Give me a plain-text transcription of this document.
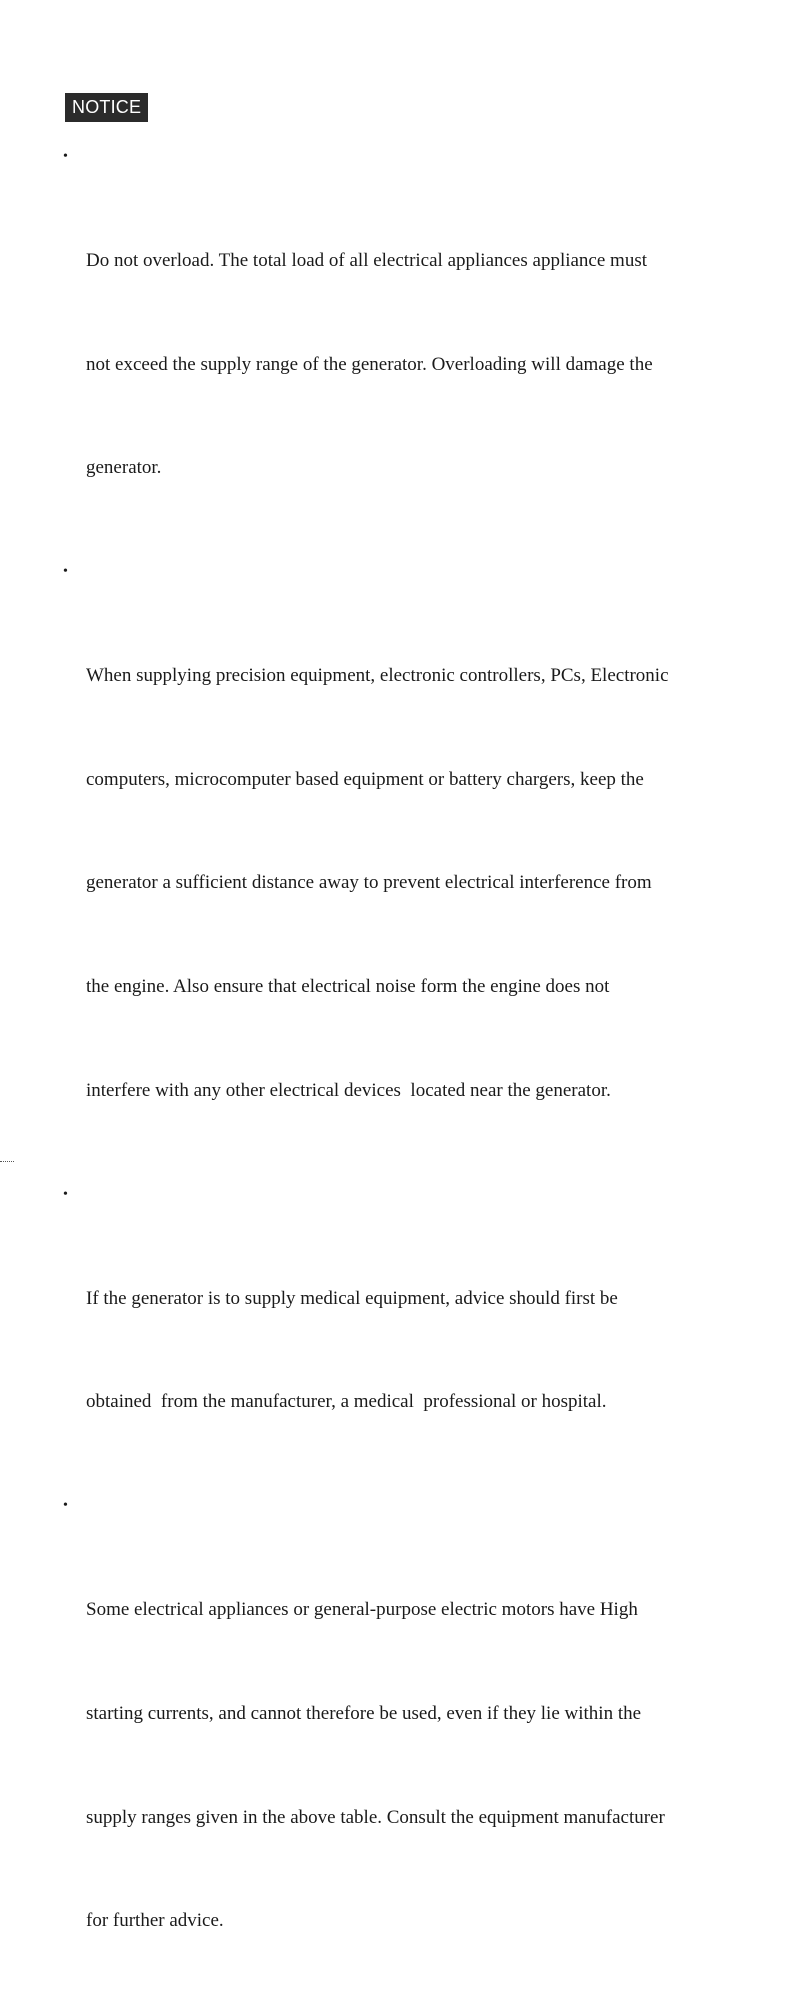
NOTICE

•

Do not overload. The total load of all electrical appliances appliance must

not exceed the supply range of the generator. Overloading will damage the

generator.

•

When supplying precision equipment, electronic controllers, PCs, Electronic

computers, microcomputer based equipment or battery chargers, keep the

generator a sufficient distance away to prevent electrical interference from

the engine. Also ensure that electrical noise form the engine does not

interfere with any other electrical devices  located near the generator.

•

If the generator is to supply medical equipment, advice should first be

obtained  from the manufacturer, a medical  professional or hospital.

•

Some electrical appliances or general-purpose electric motors have High

starting currents, and cannot therefore be used, even if they lie within the

supply ranges given in the above table. Consult the equipment manufacturer

for further advice.
